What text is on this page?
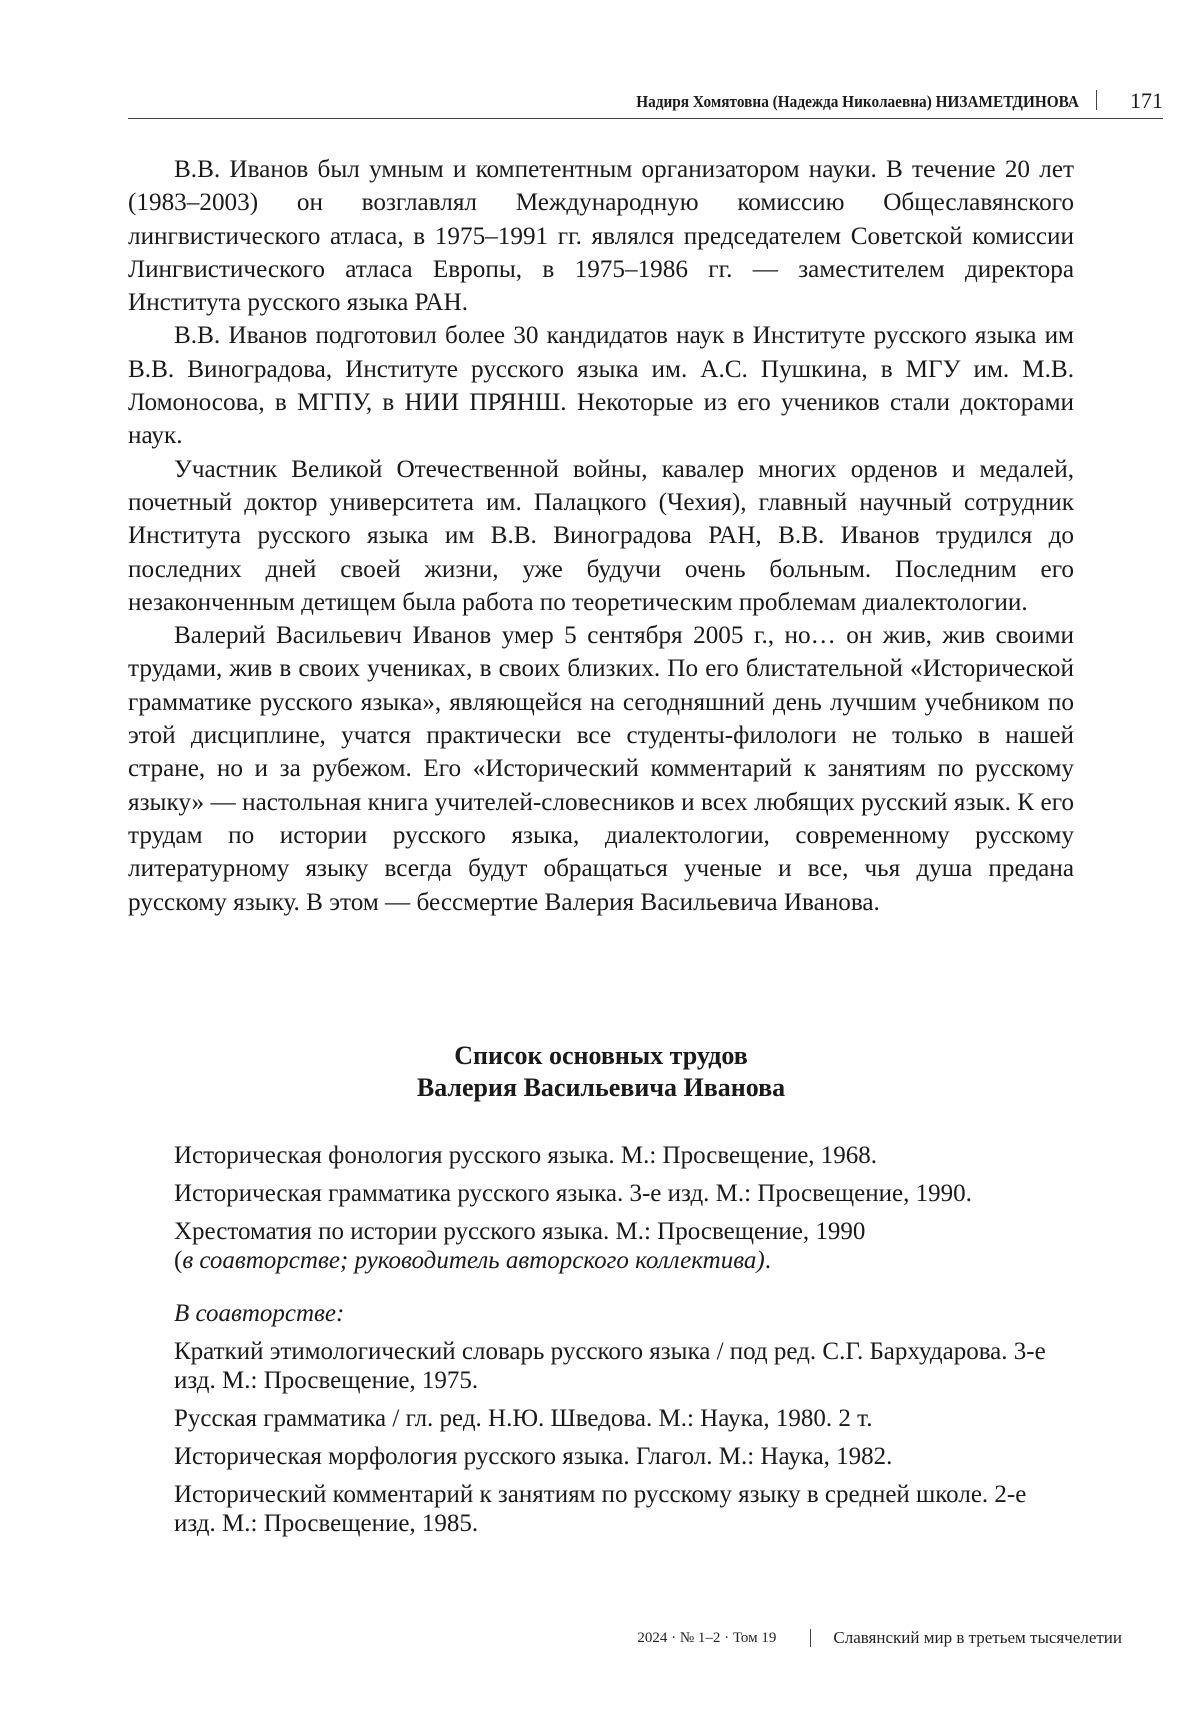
Надиря Хомятовна (Надежда Николаевна) НИЗАМЕТДИНОВА 171

В.В. Иванов был умным и компетентным организатором науки. В течение 20 лет (1983–2003) он возглавлял Международную комиссию Общеславянского лингвистического атласа, в 1975–1991 гг. являлся председателем Советской комиссии Лингвистического атласа Европы, в 1975–1986 гг. — заместителем директора Института русского языка РАН.

В.В. Иванов подготовил более 30 кандидатов наук в Институте русского языка им В.В. Виноградова, Институте русского языка им. А.С. Пушкина, в МГУ им. М.В. Ломоносова, в МГПУ, в НИИ ПРЯНШ. Некоторые из его учеников стали докторами наук.

Участник Великой Отечественной войны, кавалер многих орденов и медалей, почетный доктор университета им. Палацкого (Чехия), главный научный сотрудник Института русского языка им В.В. Виноградова РАН, В.В. Иванов трудился до последних дней своей жизни, уже будучи очень больным. Последним его незаконченным детищем была работа по теоретическим проблемам диалектологии.

Валерий Васильевич Иванов умер 5 сентября 2005 г., но… он жив, жив своими трудами, жив в своих учениках, в своих близких. По его блистательной «Исторической грамматике русского языка», являющейся на сегодняшний день лучшим учебником по этой дисциплине, учатся практически все студенты-филологи не только в нашей стране, но и за рубежом. Его «Исторический комментарий к занятиям по русскому языку» — настольная книга учителей-словесников и всех любящих русский язык. К его трудам по истории русского языка, диалектологии, современному русскому литературному языку всегда будут обращаться ученые и все, чья душа предана русскому языку. В этом — бессмертие Валерия Васильевича Иванова.

Список основных трудов
Валерия Васильевича Иванова
Историческая фонология русского языка. М.: Просвещение, 1968.
Историческая грамматика русского языка. 3-е изд. М.: Просвещение, 1990.
Хрестоматия по истории русского языка. М.: Просвещение, 1990
(в соавторстве; руководитель авторского коллектива).
В соавторстве:
Краткий этимологический словарь русского языка / под ред. С.Г. Бархударова. 3-е изд. М.: Просвещение, 1975.
Русская грамматика / гл. ред. Н.Ю. Шведова. М.: Наука, 1980. 2 т.
Историческая морфология русского языка. Глагол. М.: Наука, 1982.
Исторический комментарий к занятиям по русскому языку в средней школе. 2-е изд. М.: Просвещение, 1985.
2024 · № 1–2 · Том 19	Славянский мир в третьем тысячелетии
